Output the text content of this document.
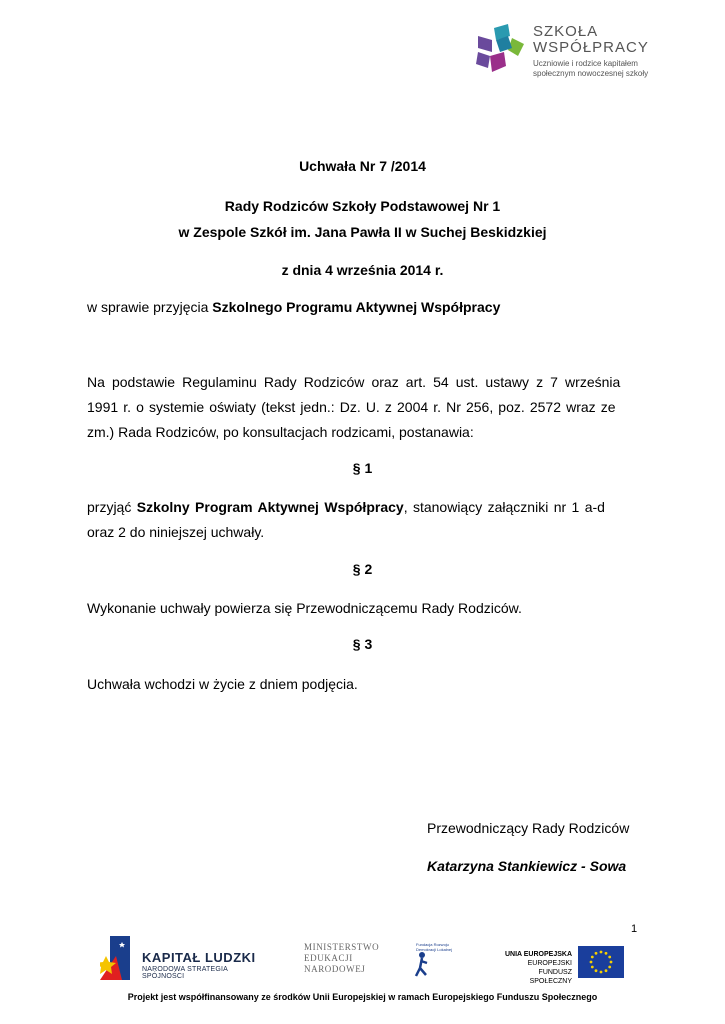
SZKOŁA
WSPÓŁPRACY
Uczniowie i rodzice kapitałem
społecznym nowoczesnej szkoły
Uchwała Nr 7 /2014
Rady Rodziców Szkoły Podstawowej Nr 1
w Zespole Szkół im. Jana Pawła II w Suchej Beskidzkiej
z dnia 4 września 2014 r.
w sprawie przyjęcia Szkolnego Programu Aktywnej Współpracy
Na podstawie Regulaminu Rady Rodziców oraz art. 54 ust. ustawy z 7 września
1991 r. o systemie oświaty (tekst jedn.: Dz. U. z 2004 r. Nr 256, poz. 2572 wraz ze
zm.) Rada Rodziców, po konsultacjach rodzicami, postanawia:
§ 1
przyjąć Szkolny Program Aktywnej Współpracy, stanowiący załączniki nr 1 a-d
oraz 2 do niniejszej uchwały.
§ 2
Wykonanie uchwały powierza się Przewodniczącemu Rady Rodziców.
§ 3
Uchwała wchodzi w życie z dniem podjęcia.
Przewodniczący Rady Rodziców
Katarzyna Stankiewicz - Sowa
1
KAPITAŁ LUDZKI
NARODOWA STRATEGIA SPÓJNOŚCI
MINISTERSTWO
EDUKACJI
NARODOWEJ
Fundacja Rozwoju Demokracji Lokalnej
UNIA EUROPEJSKA
EUROPEJSKI
FUNDUSZ SPOŁECZNY
Projekt jest współfinansowany ze środków Unii Europejskiej w ramach Europejskiego Funduszu Społecznego
